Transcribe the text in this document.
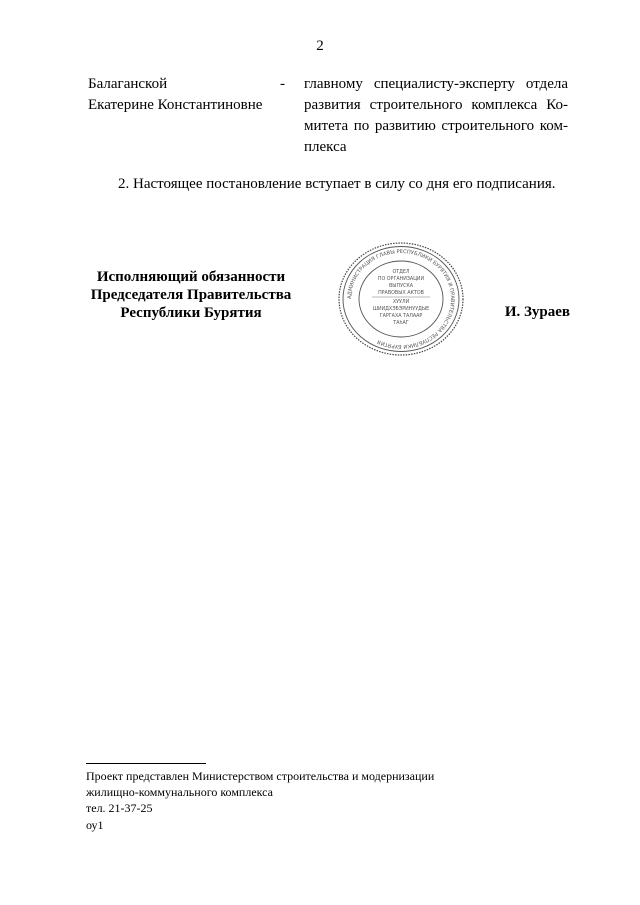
2
Балаганской
Екатерине Константиновне
- главному специалисту-эксперту отдела
развития строительного комплекса Ко-
митета по развитию строительного ком-
плекса
2. Настоящее постановление вступает в силу со дня его подписания.
Исполняющий обязанности
Председателя Правительства
Республики Бурятия
АДМИНИСТРАЦИЯ ГЛАВЫ РЕСПУБЛИКИ БУРЯТИЯ И ПРАВИТЕЛЬСТВА РЕСПУБЛИКИ БУРЯТИЯ
ОТДЕЛ
ПО ОРГАНИЗАЦИИ
ВЫПУСКА
ПРАВОВЫХ АКТОВ
ХУУЛИ
ШИИДХЭБЭРИНУУДЫЕ
ГАРГАХА ТАЛААР
ТАһАГ
И. Зураев
Проект представлен Министерством строительства и модернизации
жилищно-коммунального комплекса
тел. 21-37-25
оу1
